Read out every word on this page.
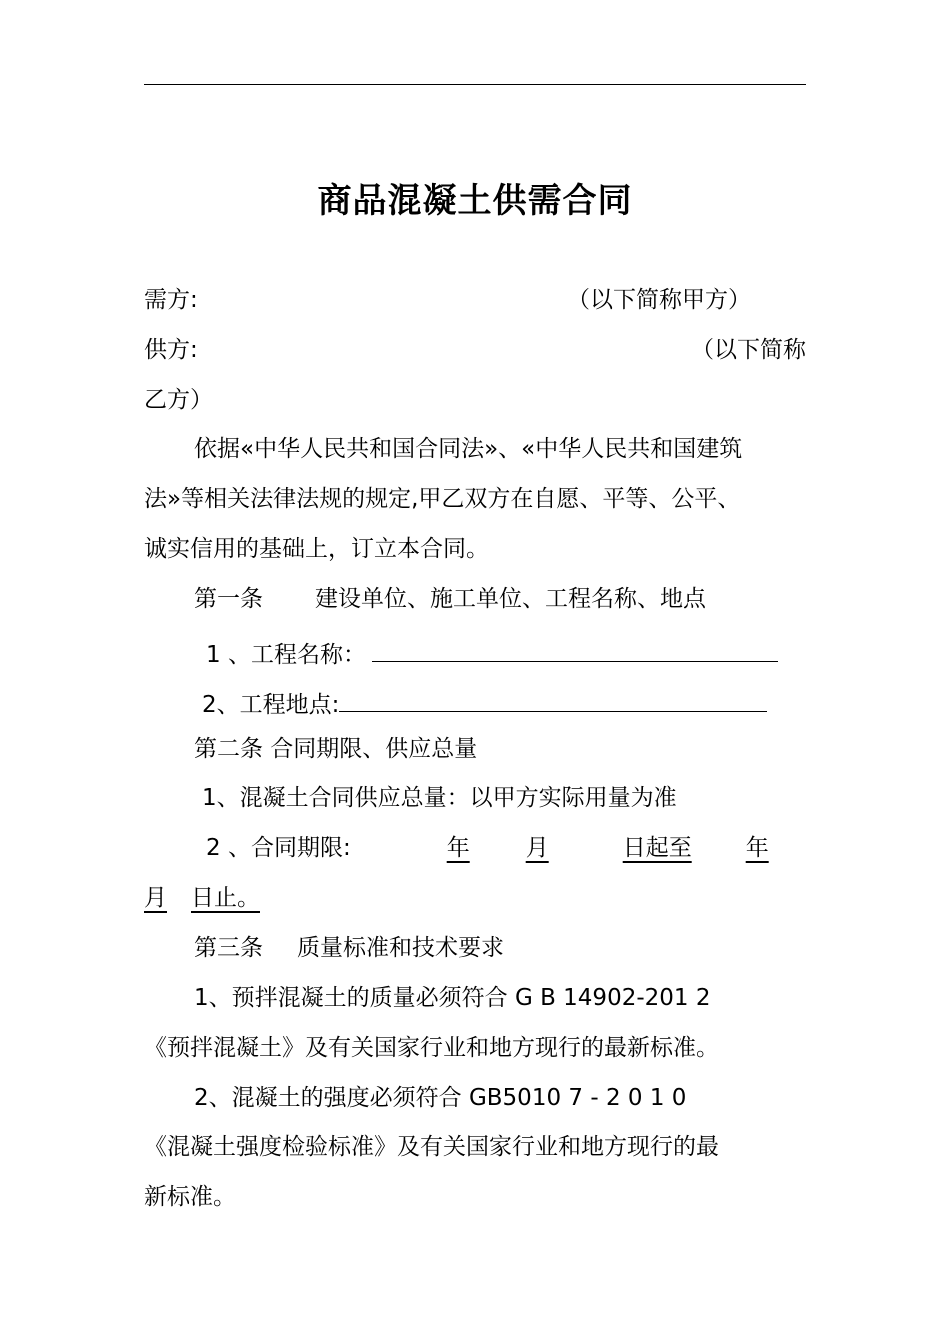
商品混凝土供需合同
需方:	（以下简称甲方）
供方:	（以下简称
乙方）
依据«中华人民共和国合同法»、«中华人民共和国建筑
法»等相关法律法规的规定,甲乙双方在自愿、平等、公平、
诚实信用的基础上，订立本合同。
第一条 建设单位、施工单位、工程名称、地点
1 、工程名称：
2、工程地点:
第二条 合同期限、供应总量
1、混凝土合同供应总量：以甲方实际用量为准
2 、合同期限:	年 月	日起至 年
月 日止。
第三条 质量标准和技术要求
1、预拌混凝土的质量必须符合 G B 14902-201 2
《预拌混凝土》及有关国家行业和地方现行的最新标准。
2、混凝土的强度必须符合 GB5010 7 - 2 0 1 0
《混凝土强度检验标准》及有关国家行业和地方现行的最
新标准。
